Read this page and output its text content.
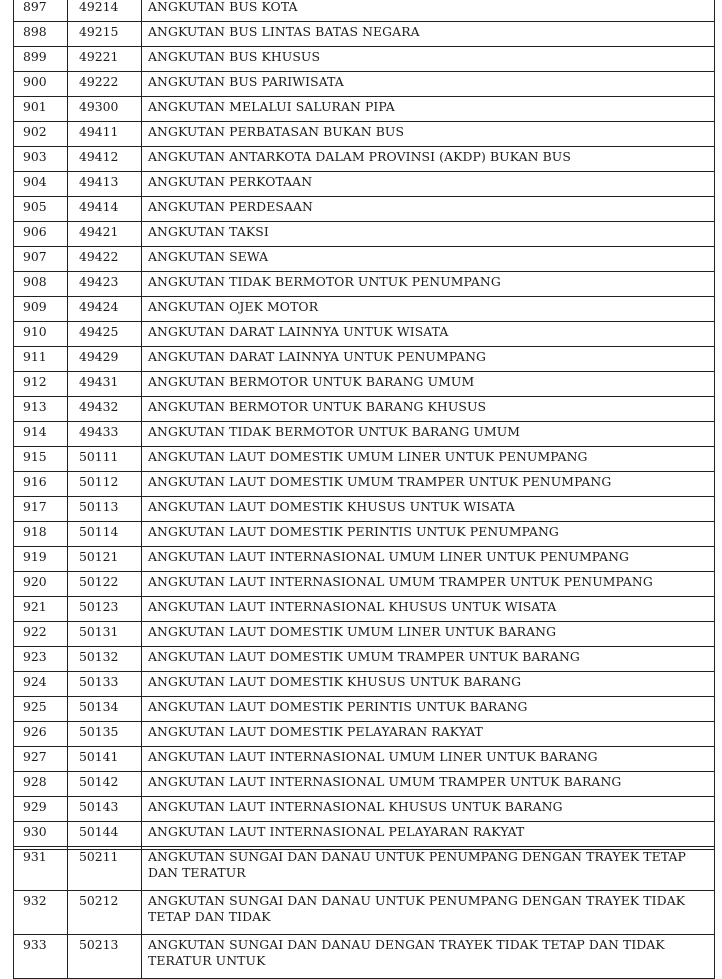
897	49214	ANGKUTAN BUS KOTA
898	49215	ANGKUTAN BUS LINTAS BATAS NEGARA
899	49221	ANGKUTAN BUS KHUSUS
900	49222	ANGKUTAN BUS PARIWISATA
901	49300	ANGKUTAN MELALUI SALURAN PIPA
902	49411	ANGKUTAN PERBATASAN BUKAN BUS
903	49412	ANGKUTAN ANTARKOTA DALAM PROVINSI (AKDP) BUKAN BUS
904	49413	ANGKUTAN PERKOTAAN
905	49414	ANGKUTAN PERDESAAN
906	49421	ANGKUTAN TAKSI
907	49422	ANGKUTAN SEWA
908	49423	ANGKUTAN TIDAK BERMOTOR UNTUK PENUMPANG
909	49424	ANGKUTAN OJEK MOTOR
910	49425	ANGKUTAN DARAT LAINNYA UNTUK WISATA
911	49429	ANGKUTAN DARAT LAINNYA UNTUK PENUMPANG
912	49431	ANGKUTAN BERMOTOR UNTUK BARANG UMUM
913	49432	ANGKUTAN BERMOTOR UNTUK BARANG KHUSUS
914	49433	ANGKUTAN TIDAK BERMOTOR UNTUK BARANG UMUM
915	50111	ANGKUTAN LAUT DOMESTIK UMUM LINER UNTUK PENUMPANG
916	50112	ANGKUTAN LAUT DOMESTIK UMUM TRAMPER UNTUK PENUMPANG
917	50113	ANGKUTAN LAUT DOMESTIK KHUSUS UNTUK WISATA
918	50114	ANGKUTAN LAUT DOMESTIK PERINTIS UNTUK PENUMPANG
919	50121	ANGKUTAN LAUT INTERNASIONAL UMUM LINER UNTUK PENUMPANG
920	50122	ANGKUTAN LAUT INTERNASIONAL UMUM TRAMPER UNTUK PENUMPANG
921	50123	ANGKUTAN LAUT INTERNASIONAL KHUSUS UNTUK WISATA
922	50131	ANGKUTAN LAUT DOMESTIK UMUM LINER UNTUK BARANG
923	50132	ANGKUTAN LAUT DOMESTIK UMUM TRAMPER UNTUK BARANG
924	50133	ANGKUTAN LAUT DOMESTIK KHUSUS UNTUK BARANG
925	50134	ANGKUTAN LAUT DOMESTIK PERINTIS UNTUK BARANG
926	50135	ANGKUTAN LAUT DOMESTIK PELAYARAN RAKYAT
927	50141	ANGKUTAN LAUT INTERNASIONAL UMUM LINER UNTUK BARANG
928	50142	ANGKUTAN LAUT INTERNASIONAL UMUM TRAMPER UNTUK BARANG
929	50143	ANGKUTAN LAUT INTERNASIONAL KHUSUS UNTUK BARANG
930	50144	ANGKUTAN LAUT INTERNASIONAL PELAYARAN RAKYAT
931	50211	ANGKUTAN SUNGAI DAN DANAU UNTUK PENUMPANG DENGAN TRAYEK TETAP DAN TERATUR
932	50212	ANGKUTAN SUNGAI DAN DANAU UNTUK PENUMPANG DENGAN TRAYEK TIDAK TETAP DAN TIDAK
933	50213	ANGKUTAN SUNGAI DAN DANAU DENGAN TRAYEK TIDAK TETAP DAN TIDAK TERATUR UNTUK
